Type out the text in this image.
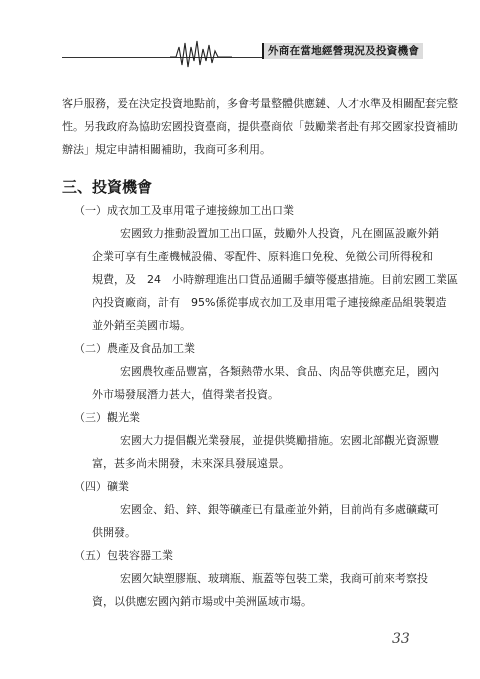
外商在當地經營現況及投資機會
客戶服務，爰在決定投資地點前，多會考量整體供應鏈、人才水準及相關配套完整
性。另我政府為協助宏國投資臺商，提供臺商依「鼓勵業者赴有邦交國家投資補助
辦法」規定申請相關補助，我商可多利用。
三、投資機會
（一）成衣加工及車用電子連接線加工出口業
宏國致力推動設置加工出口區，鼓勵外人投資，凡在園區設廠外銷
企業可享有生產機械設備、零配件、原料進口免稅、免徵公司所得稅和
規費，及　24　小時辦理進出口貨品通關手續等優惠措施。目前宏國工業區
內投資廠商，計有　95%係從事成衣加工及車用電子連接線產品組裝製造
並外銷至美國市場。
（二）農產及食品加工業
宏國農牧產品豐富，各類熱帶水果、食品、肉品等供應充足，國內
外市場發展潛力甚大，值得業者投資。
（三）觀光業
宏國大力提倡觀光業發展，並提供獎勵措施。宏國北部觀光資源豐
富，甚多尚未開發，未來深具發展遠景。
（四）礦業
宏國金、鉛、鋅、銀等礦產已有量產並外銷，目前尚有多處礦藏可
供開發。
（五）包裝容器工業
宏國欠缺塑膠瓶、玻璃瓶、瓶蓋等包裝工業，我商可前來考察投
資，以供應宏國內銷市場或中美洲區域市場。
33
